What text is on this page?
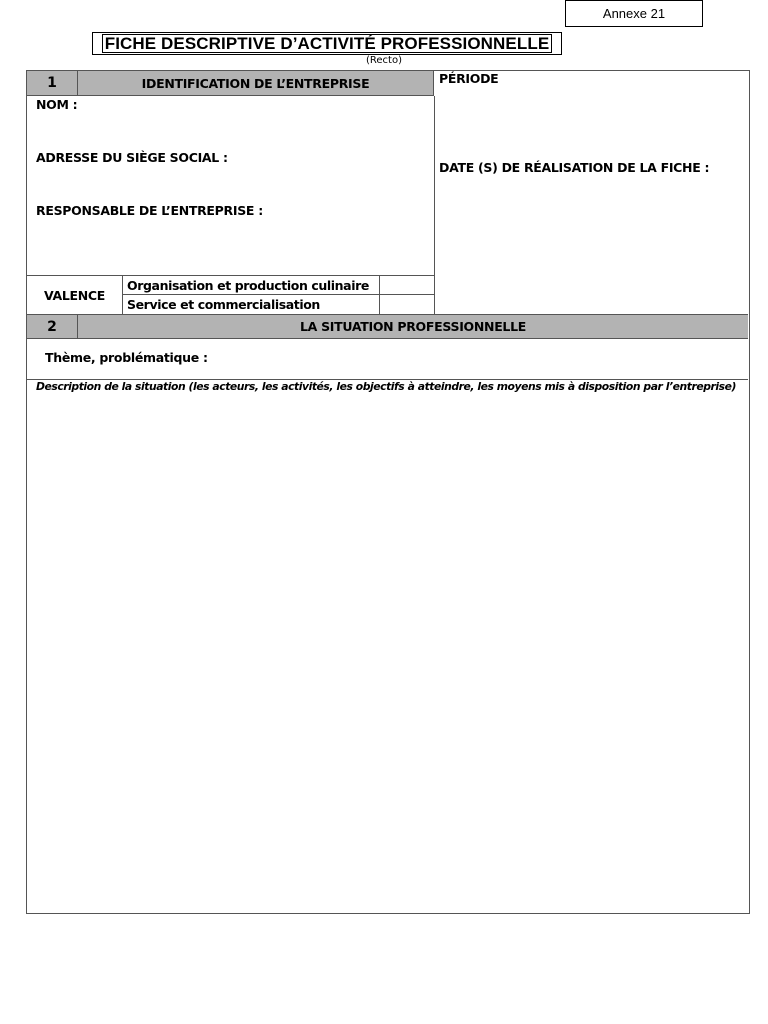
Annexe 21
FICHE DESCRIPTIVE D’ACTIVITÉ PROFESSIONNELLE
(Recto)
1	IDENTIFICATION DE L’ENTREPRISE
NOM :
ADRESSE DU SIÈGE SOCIAL :
RESPONSABLE DE L’ENTREPRISE :
VALENCE
Organisation et production culinaire
Service et commercialisation
PÉRIODE
DATE (S) DE RÉALISATION DE LA FICHE :
2	LA SITUATION PROFESSIONNELLE
Thème, problématique :
Description de la situation (les acteurs, les activités, les objectifs à atteindre, les moyens mis à disposition par l’entreprise)
